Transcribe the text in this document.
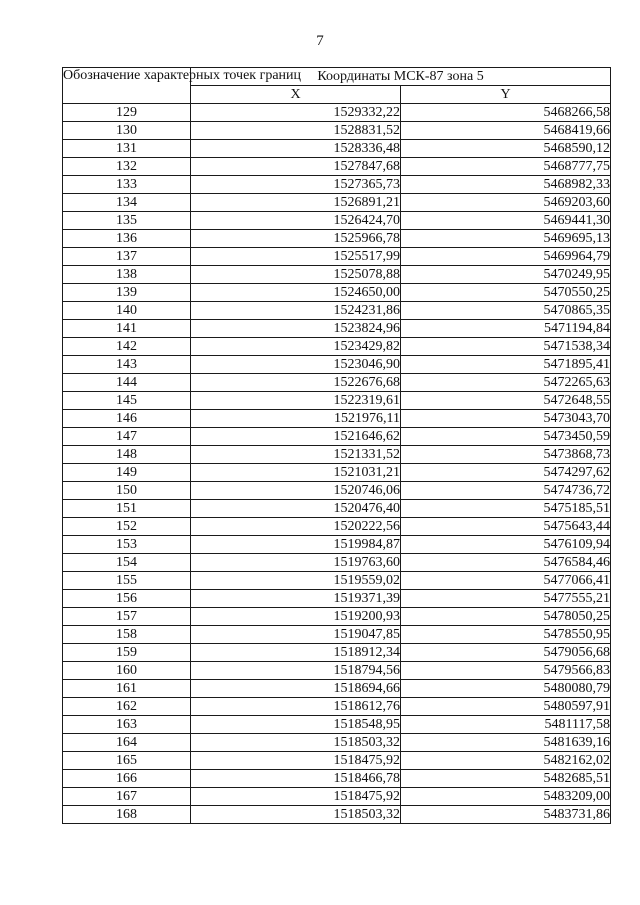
7
Обозначение характерных точек границ	Координаты МСК-87 зона 5	
	X	Y
129	1529332,22	5468266,58
130	1528831,52	5468419,66
131	1528336,48	5468590,12
132	1527847,68	5468777,75
133	1527365,73	5468982,33
134	1526891,21	5469203,60
135	1526424,70	5469441,30
136	1525966,78	5469695,13
137	1525517,99	5469964,79
138	1525078,88	5470249,95
139	1524650,00	5470550,25
140	1524231,86	5470865,35
141	1523824,96	5471194,84
142	1523429,82	5471538,34
143	1523046,90	5471895,41
144	1522676,68	5472265,63
145	1522319,61	5472648,55
146	1521976,11	5473043,70
147	1521646,62	5473450,59
148	1521331,52	5473868,73
149	1521031,21	5474297,62
150	1520746,06	5474736,72
151	1520476,40	5475185,51
152	1520222,56	5475643,44
153	1519984,87	5476109,94
154	1519763,60	5476584,46
155	1519559,02	5477066,41
156	1519371,39	5477555,21
157	1519200,93	5478050,25
158	1519047,85	5478550,95
159	1518912,34	5479056,68
160	1518794,56	5479566,83
161	1518694,66	5480080,79
162	1518612,76	5480597,91
163	1518548,95	5481117,58
164	1518503,32	5481639,16
165	1518475,92	5482162,02
166	1518466,78	5482685,51
167	1518475,92	5483209,00
168	1518503,32	5483731,86
